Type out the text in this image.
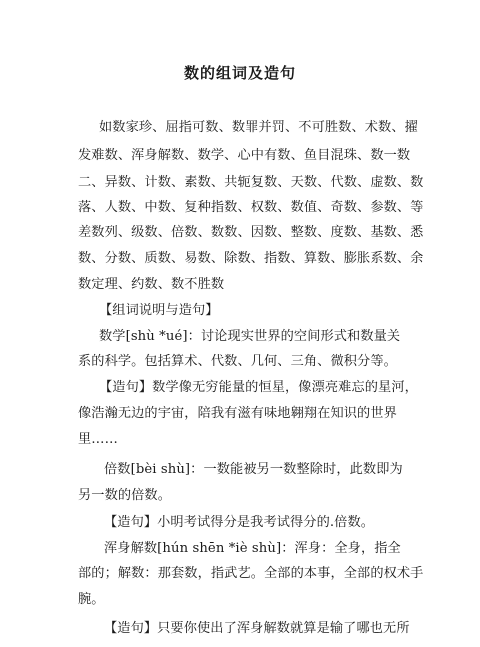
数的组词及造句
如数家珍、屈指可数、数罪并罚、不可胜数、术数、擢
发难数、浑身解数、数学、心中有数、鱼目混珠、数一数
二、异数、计数、素数、共轭复数、天数、代数、虚数、数
落、人数、中数、复种指数、权数、数值、奇数、参数、等
差数列、级数、倍数、数数、因数、整数、度数、基数、悉
数、分数、质数、易数、除数、指数、算数、膨胀系数、余
数定理、约数、数不胜数
【组词说明与造句】
数学[shù *ué]：讨论现实世界的空间形式和数量关
系的科学。包括算术、代数、几何、三角、微积分等。
【造句】数学像无穷能量的恒星，像漂亮难忘的星河，
像浩瀚无边的宇宙，陪我有滋有味地翱翔在知识的世界
里……
倍数[bèi shù]：一数能被另一数整除时，此数即为
另一数的倍数。
【造句】小明考试得分是我考试得分的.倍数。
浑身解数[hún shēn *iè shù]：浑身：全身，指全
部的；解数：那套数，指武艺。全部的本事，全部的权术手
腕。
【造句】只要你使出了浑身解数就算是输了哪也无所
